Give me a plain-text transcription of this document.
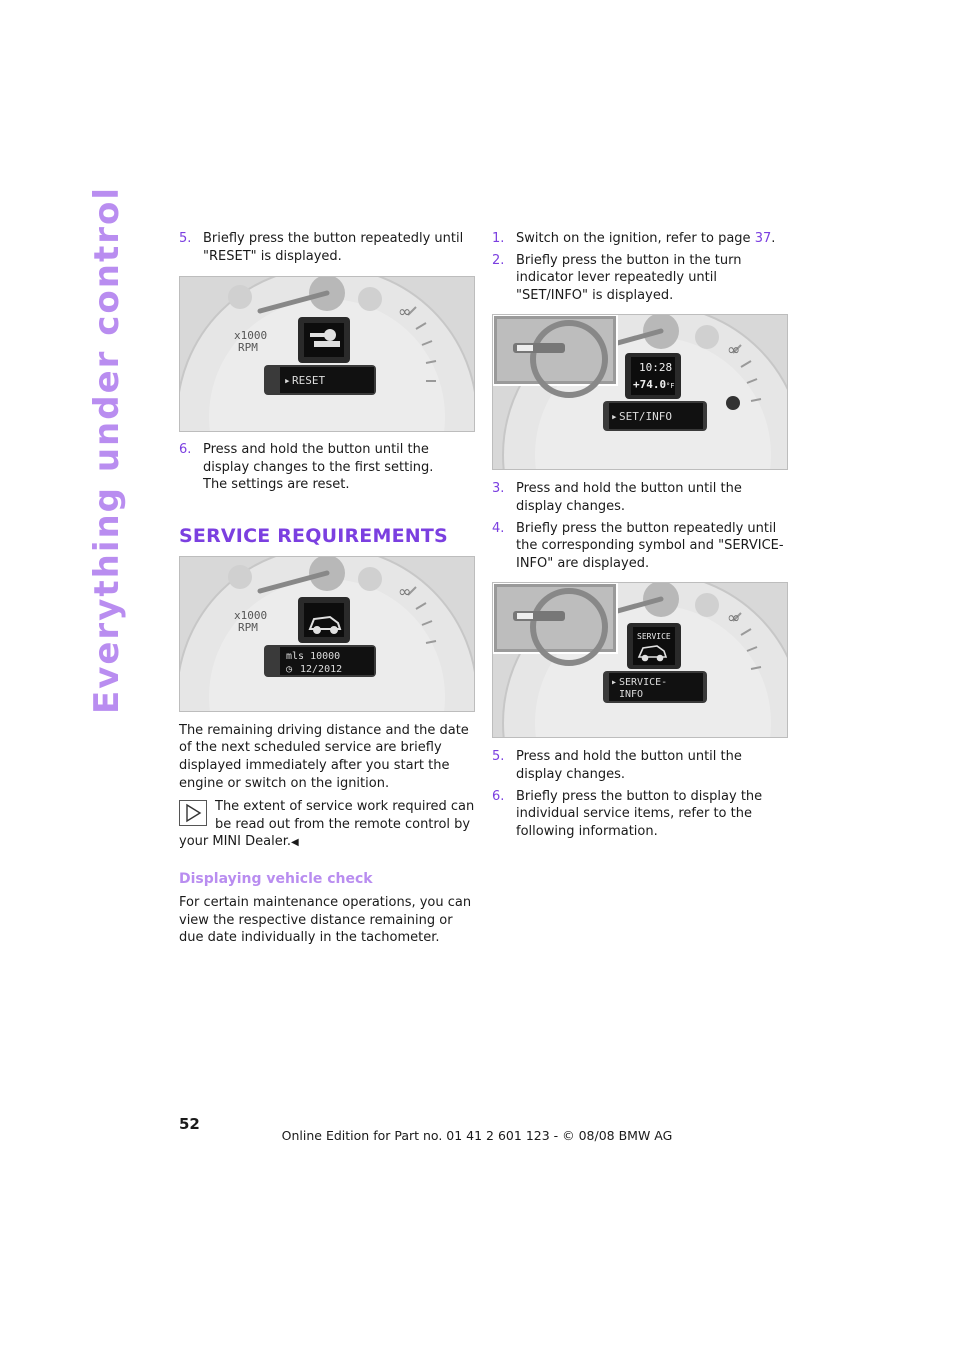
Everything under control	5. Briefly press the button repeatedly until "RESET" is displayed.
x1000
RPM
▸ RESET
∞
6. Press and hold the button until the display changes to the first setting.
The settings are reset.
SERVICE REQUIREMENTS
x1000
RPM
mls 10000
◷ 12/2012
∞

The remaining driving distance and the date of the next scheduled service are briefly displayed immediately after you start the engine or switch on the ignition.

The extent of service work required can be read out from the remote control by your MINI Dealer.◀
Displaying vehicle check

For certain maintenance operations, you can view the respective distance remaining or due date individually in the tachometer.

1. Switch on the ignition, refer to page 37.
2. Briefly press the button in the turn indicator lever repeatedly until "SET/INFO" is displayed.
10:28
+74.0 °F
▸ SET/INFO
∞
3. Press and hold the button until the display changes.
4. Briefly press the button repeatedly until the corresponding symbol and "SERVICE-INFO" are displayed.
SERVICE
▸ SERVICE-
INFO
∞
5. Press and hold the button until the display changes.
6. Briefly press the button to display the individual service items, refer to the following information.
52
Online Edition for Part no. 01 41 2 601 123 - © 08/08 BMW AG
